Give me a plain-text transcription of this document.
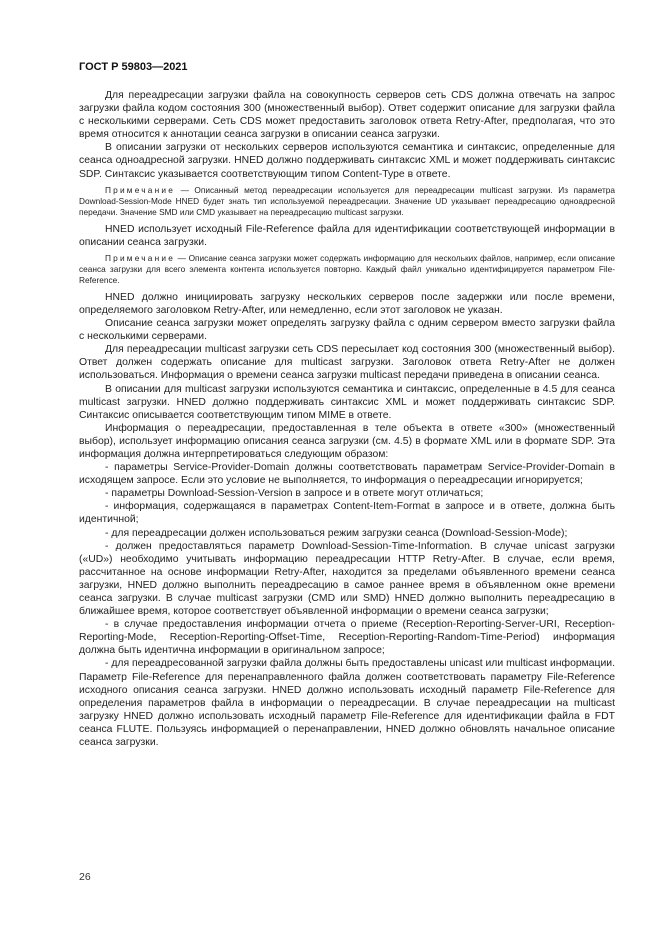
ГОСТ Р 59803—2021

Для переадресации загрузки файла на совокупность серверов сеть CDS должна отвечать на запрос загрузки файла кодом состояния 300 (множественный выбор). Ответ содержит описание для загрузки файла с несколькими серверами. Сеть CDS может предоставить заголовок ответа Retry-After, предполагая, что это время относится к аннотации сеанса загрузки в описании сеанса загрузки.

В описании загрузки от нескольких серверов используются семантика и синтаксис, определенные для сеанса одноадресной загрузки. HNED должно поддерживать синтаксис XML и может поддерживать синтаксис SDP. Синтаксис указывается соответствующим типом Content-Type в ответе.

Примечание — Описанный метод переадресации используется для переадресации multicast загрузки. Из параметра Download-Session-Mode HNED будет знать тип используемой переадресации. Значение UD указывает переадресацию одноадресной передачи. Значение SMD или CMD указывает на переадресацию multicast загрузки.

HNED использует исходный File-Reference файла для идентификации соответствующей информации в описании сеанса загрузки.

Примечание — Описание сеанса загрузки может содержать информацию для нескольких файлов, например, если описание сеанса загрузки для всего элемента контента используется повторно. Каждый файл уникально идентифицируется параметром File-Reference.

HNED должно инициировать загрузку нескольких серверов после задержки или после времени, определяемого заголовком Retry-After, или немедленно, если этот заголовок не указан.

Описание сеанса загрузки может определять загрузку файла с одним сервером вместо загрузки файла с несколькими серверами.

Для переадресации multicast загрузки сеть CDS пересылает код состояния 300 (множественный выбор). Ответ должен содержать описание для multicast загрузки. Заголовок ответа Retry-After не должен использоваться. Информация о времени сеанса загрузки multicast передачи приведена в описании сеанса.

В описании для multicast загрузки используются семантика и синтаксис, определенные в 4.5 для сеанса multicast загрузки. HNED должно поддерживать синтаксис XML и может поддерживать синтаксис SDP. Синтаксис описывается соответствующим типом MIME в ответе.

Информация о переадресации, предоставленная в теле объекта в ответе «300» (множественный выбор), использует информацию описания сеанса загрузки (см. 4.5) в формате XML или в формате SDP. Эта информация должна интерпретироваться следующим образом:

- параметры Service-Provider-Domain должны соответствовать параметрам Service-Provider-Domain в исходящем запросе. Если это условие не выполняется, то информация о переадресации игнорируется;

- параметры Download-Session-Version в запросе и в ответе могут отличаться;

- информация, содержащаяся в параметрах Content-Item-Format в запросе и в ответе, должна быть идентичной;

- для переадресации должен использоваться режим загрузки сеанса (Download-Session-Mode);

- должен предоставляться параметр Download-Session-Time-Information. В случае unicast загрузки («UD») необходимо учитывать информацию переадресации HTTP Retry-After. В случае, если время, рассчитанное на основе информации Retry-After, находится за пределами объявленного времени сеанса загрузки, HNED должно выполнить переадресацию в самое раннее время в объявленном окне времени сеанса загрузки. В случае multicast загрузки (CMD или SMD) HNED должно выполнить переадресацию в ближайшее время, которое соответствует объявленной информации о времени сеанса загрузки;

- в случае предоставления информации отчета о приеме (Reception-Reporting-Server-URI, Reception-Reporting-Mode, Reception-Reporting-Offset-Time, Reception-Reporting-Random-Time-Period) информация должна быть идентична информации в оригинальном запросе;

- для переадресованной загрузки файла должны быть предоставлены unicast или multicast информации. Параметр File-Reference для перенаправленного файла должен соответствовать параметру File-Reference исходного описания сеанса загрузки. HNED должно использовать исходный параметр File-Reference для определения параметров файла в информации о переадресации. В случае переадресации на multicast загрузку HNED должно использовать исходный параметр File-Reference для идентификации файла в FDT сеанса FLUTE. Пользуясь информацией о перенаправлении, HNED должно обновлять начальное описание сеанса загрузки.

26
